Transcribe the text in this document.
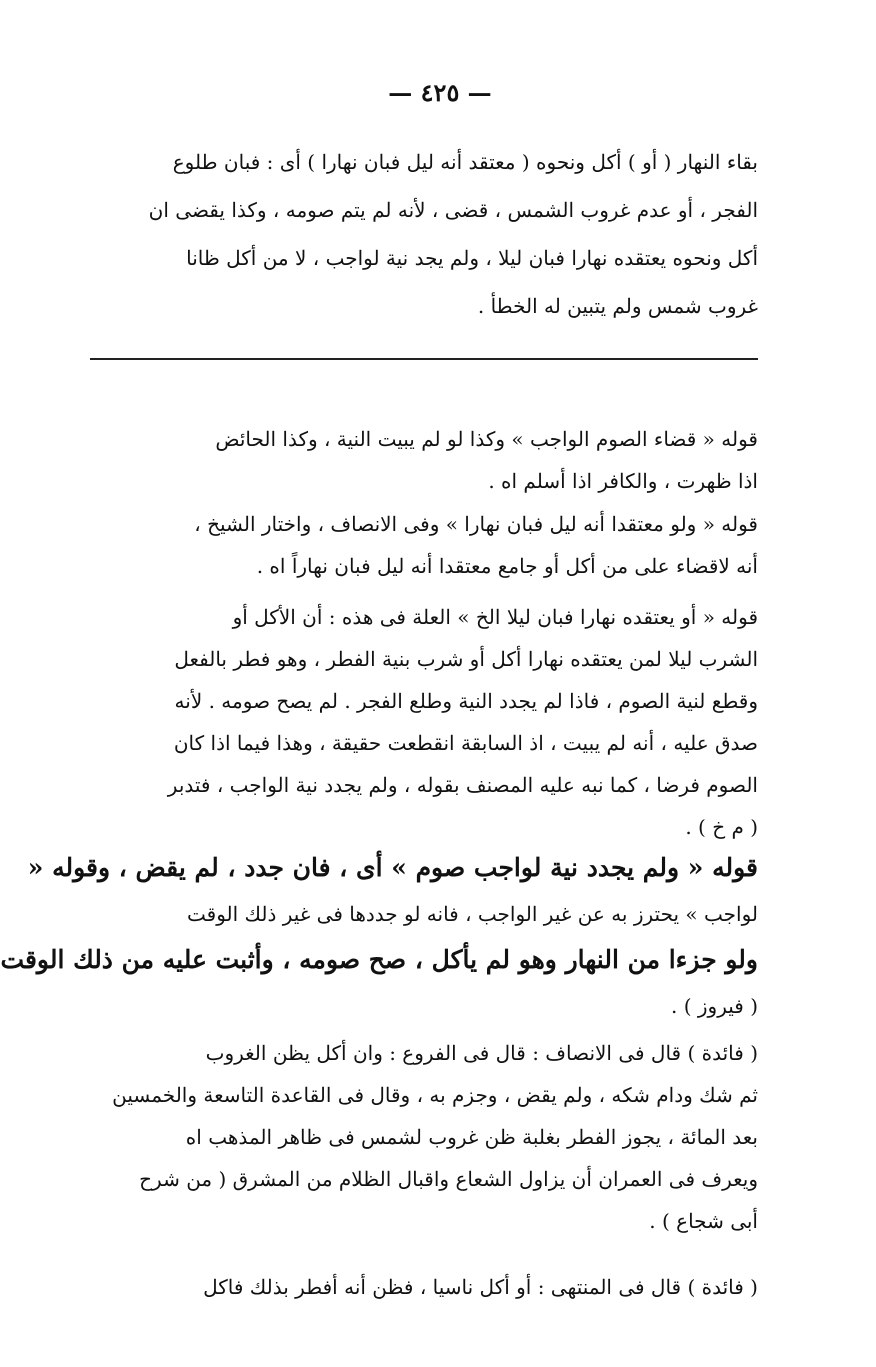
— ٤٢٥ —
بقاء النهار ( أو ) أكل ونحوه ( معتقد أنه ليل فبان نهارا ) أى : فبان طلوع
الفجر ، أو عدم غروب الشمس ، قضى ، لأنه لم يتم صومه ، وكذا يقضى ان
أكل ونحوه يعتقده نهارا فبان ليلا ، ولم يجد نية لواجب ، لا من أكل ظانا
غروب شمس ولم يتبين له الخطأ .
قوله « قضاء الصوم الواجب » وكذا لو لم يبيت النية ، وكذا الحائض
اذا ظهرت ، والكافر اذا أسلم اه .
قوله « ولو معتقدا أنه ليل فبان نهارا » وفى الانصاف ، واختار الشيخ ،
أنه لاقضاء على من أكل أو جامع معتقدا أنه ليل فبان نهاراً اه .
قوله « أو يعتقده نهارا فبان ليلا الخ » العلة فى هذه : أن الأكل أو
الشرب ليلا لمن يعتقده نهارا أكل أو شرب بنية الفطر ، وهو فطر بالفعل
وقطع لنية الصوم ، فاذا لم يجدد النية وطلع الفجر . لم يصح صومه . لأنه
صدق عليه ، أنه لم يبيت ، اذ السابقة انقطعت حقيقة ، وهذا فيما اذا كان
الصوم فرضا ، كما نبه عليه المصنف بقوله ، ولم يجدد نية الواجب ، فتدبر
( م خ ) .
قوله « ولم يجدد نية لواجب صوم » أى ، فان جدد ، لم يقض ، وقوله «
لواجب » يحترز به عن غير الواجب ، فانه لو جددها فى غير ذلك الوقت
ولو جزءا من النهار وهو لم يأكل ، صح صومه ، وأثبت عليه من ذلك الوقت
( فيروز ) .
( فائدة ) قال فى الانصاف : قال فى الفروع : وان أكل يظن الغروب
ثم شك ودام شكه ، ولم يقض ، وجزم به ، وقال فى القاعدة التاسعة والخمسين
بعد المائة ، يجوز الفطر بغلبة ظن غروب لشمس فى ظاهر المذهب اه
ويعرف فى العمران أن يزاول الشعاع واقبال الظلام من المشرق ( من شرح
أبى شجاع ) .
( فائدة ) قال فى المنتهى : أو أكل ناسيا ، فظن أنه أفطر بذلك فاكل
